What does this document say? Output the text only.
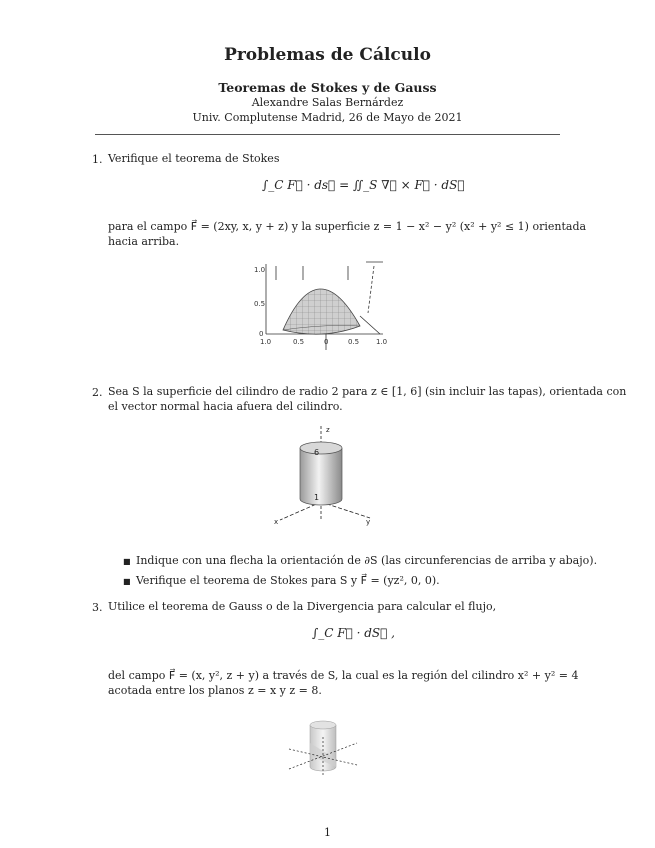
Problemas de Cálculo
Teoremas de Stokes y de Gauss
Alexandre Salas Bernárdez
Univ. Complutense Madrid, 26 de Mayo de 2021
1. Verifique el teorema de Stokes
∫_C F⃗ · ds⃗ = ∬_S ∇⃗ × F⃗ · dS⃗
para el campo F⃗ = (2xy, x, y + z) y la superficie z = 1 − x² − y² (x² + y² ≤ 1) orientada
hacia arriba.
1.0
0.5
0
1.0	0.5	0	0.5 1.0
2. Sea S la superficie del cilindro de radio 2 para z ∈ [1, 6] (sin incluir las tapas), orientada con
el vector normal hacia afuera del cilindro.
6
1
z
y
x
■ Indique con una flecha la orientación de ∂S (las circunferencias de arriba y abajo).
■ Verifique el teorema de Stokes para S y F⃗ = (yz², 0, 0).
3. Utilice el teorema de Gauss o de la Divergencia para calcular el flujo,
∫_C F⃗ · dS⃗ ,
del campo F⃗ = (x, y², z + y) a través de S, la cual es la región del cilindro x² + y² = 4
acotada entre los planos z = x y z = 8.
1
